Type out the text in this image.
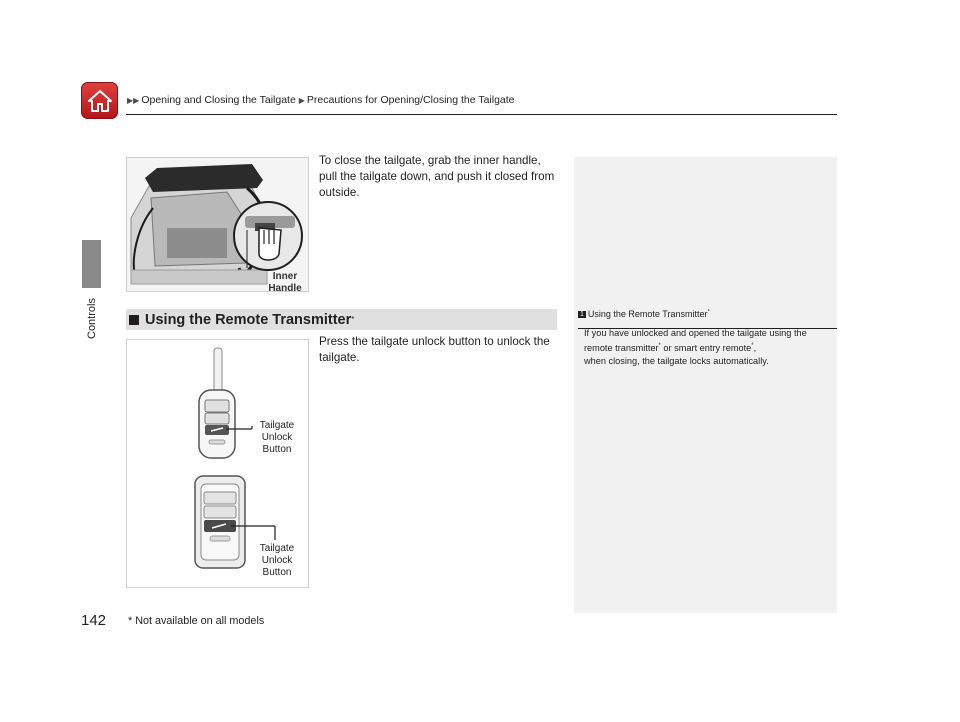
▶▶ Opening and Closing the Tailgate ▶ Precautions for Opening/Closing the Tailgate
Controls
142
Inner Handle
To close the tailgate, grab the inner handle, pull the tailgate down, and push it closed from outside.
Using the Remote Transmitter *
Press the tailgate unlock button to unlock the tailgate.
Tailgate Unlock Button
Tailgate Unlock Button
1 Using the Remote Transmitter*
If you have unlocked and opened the tailgate using the remote transmitter* or smart entry remote*,
when closing, the tailgate locks automatically.
* Not available on all models
